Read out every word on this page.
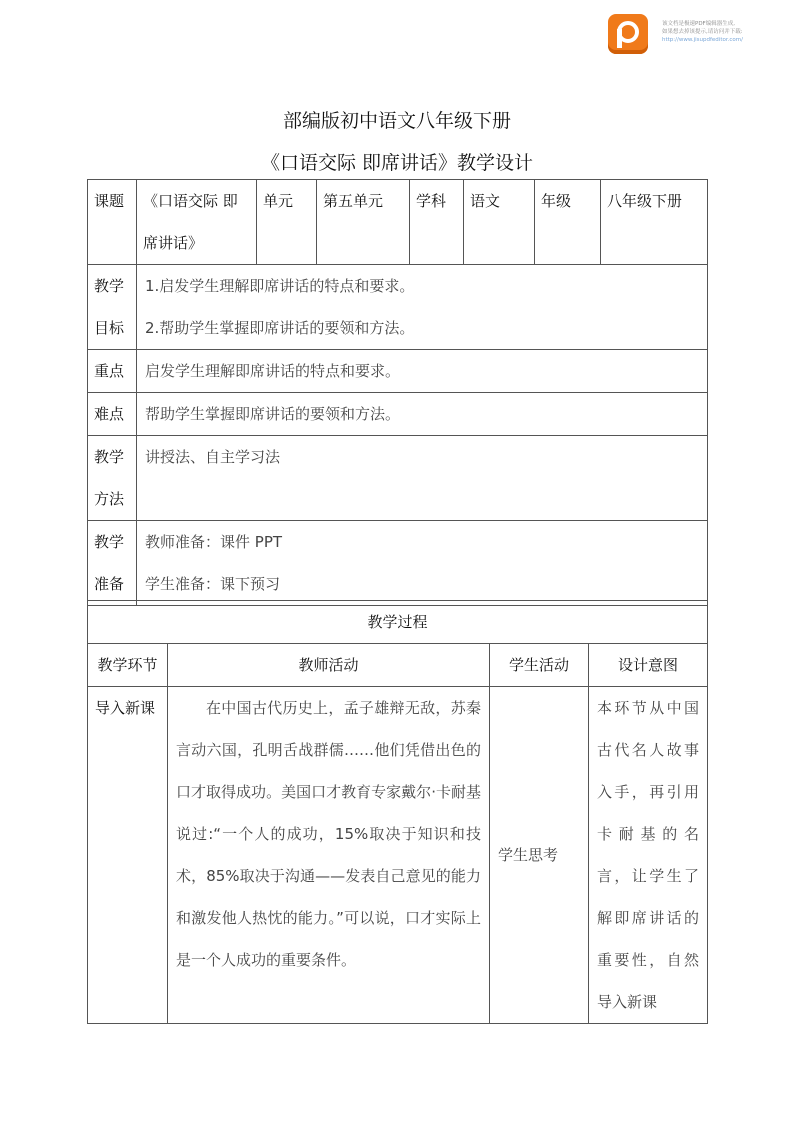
该文档是极速PDF编辑器生成,
如果想去掉该提示,请访问并下载:
http://www.jisupdfeditor.com/
部编版初中语文八年级下册
《口语交际 即席讲话》教学设计
课题	《口语交际 即席讲话》	单元	第五单元	学科	语文	年级	八年级下册
教学目标	1.启发学生理解即席讲话的特点和要求。
2.帮助学生掌握即席讲话的要领和方法。						

重点	启发学生理解即席讲话的特点和要求。						
难点	帮助学生掌握即席讲话的要领和方法。						
教学方法	讲授法、自主学习法						
教学准备	教师准备：课件 PPT
学生准备：课下预习						
教学过程			
教学环节	教师活动	学生活动	设计意图
导入新课	在中国古代历史上，孟子雄辩无敌，苏秦言动六国，孔明舌战群儒……他们凭借出色的口才取得成功。美国口才教育专家戴尔·卡耐基说过:“一个人的成功，15%取决于知识和技术，85%取决于沟通——发表自己意见的能力和激发他人热忱的能力。”可以说，口才实际上是一个人成功的重要条件。	学生思考	本环节从中国古代名人故事入手，再引用卡耐基的名言，让学生了解即席讲话的重要性，自然导入新课
